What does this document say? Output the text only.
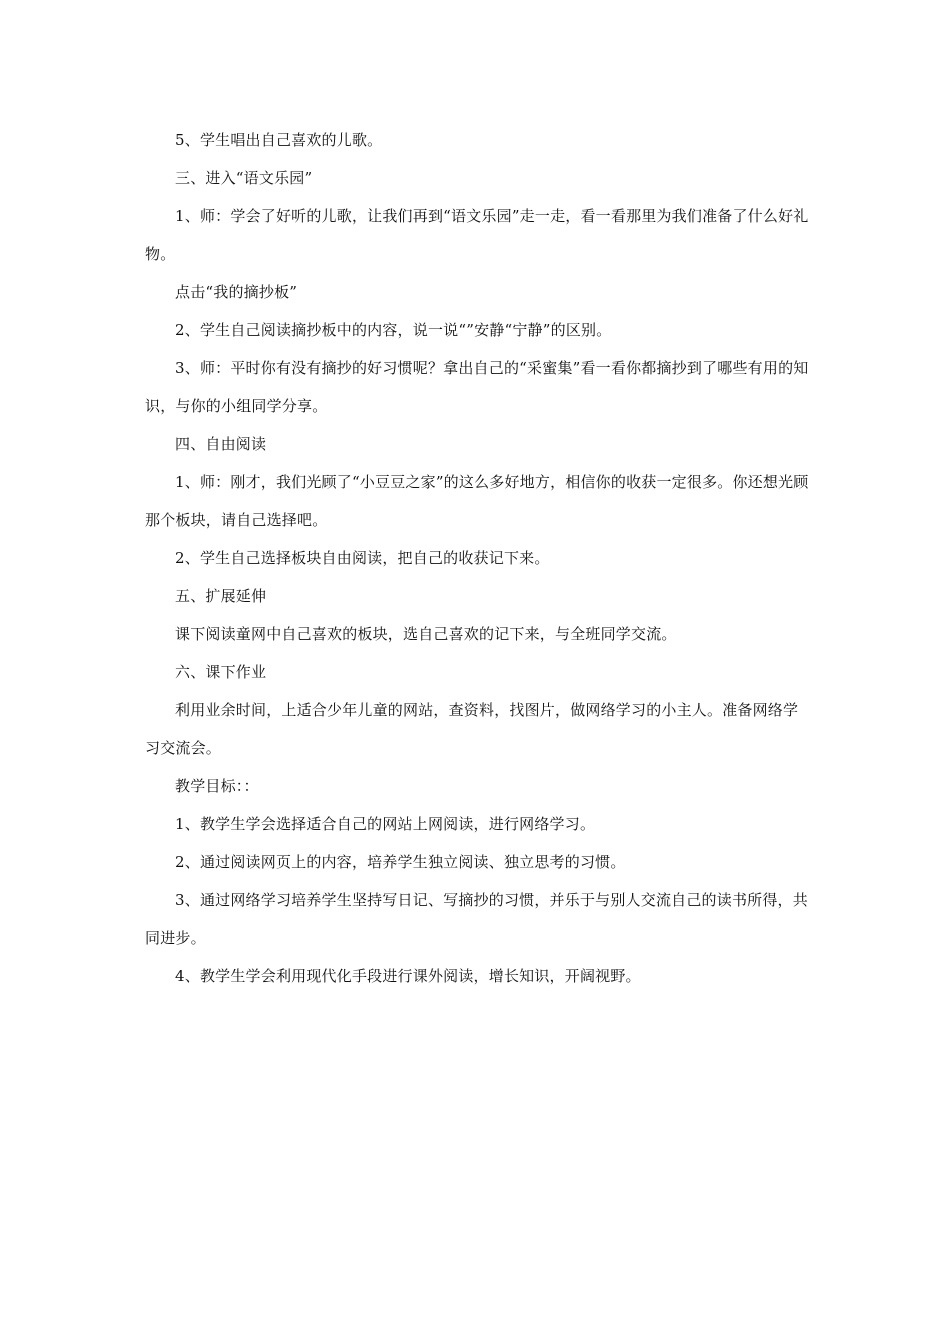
5、学生唱出自己喜欢的儿歌。

三、进入“语文乐园”

1、师：学会了好听的儿歌，让我们再到“语文乐园”走一走，看一看那里为我们准备了什么好礼物。

点击“我的摘抄板”

2、学生自己阅读摘抄板中的内容，说一说“”安静“宁静”的区别。

3、师：平时你有没有摘抄的好习惯呢？拿出自己的“采蜜集”看一看你都摘抄到了哪些有用的知识，与你的小组同学分享。

四、自由阅读

1、师：刚才，我们光顾了“小豆豆之家”的这么多好地方，相信你的收获一定很多。你还想光顾那个板块，请自己选择吧。

2、学生自己选择板块自由阅读，把自己的收获记下来。

五、扩展延伸

课下阅读童网中自己喜欢的板块，选自己喜欢的记下来，与全班同学交流。

六、课下作业

利用业余时间，上适合少年儿童的网站，查资料，找图片，做网络学习的小主人。准备网络学习交流会。

教学目标：：

1、教学生学会选择适合自己的网站上网阅读，进行网络学习。

2、通过阅读网页上的内容，培养学生独立阅读、独立思考的习惯。

3、通过网络学习培养学生坚持写日记、写摘抄的习惯，并乐于与别人交流自己的读书所得，共同进步。

4、教学生学会利用现代化手段进行课外阅读，增长知识，开阔视野。
